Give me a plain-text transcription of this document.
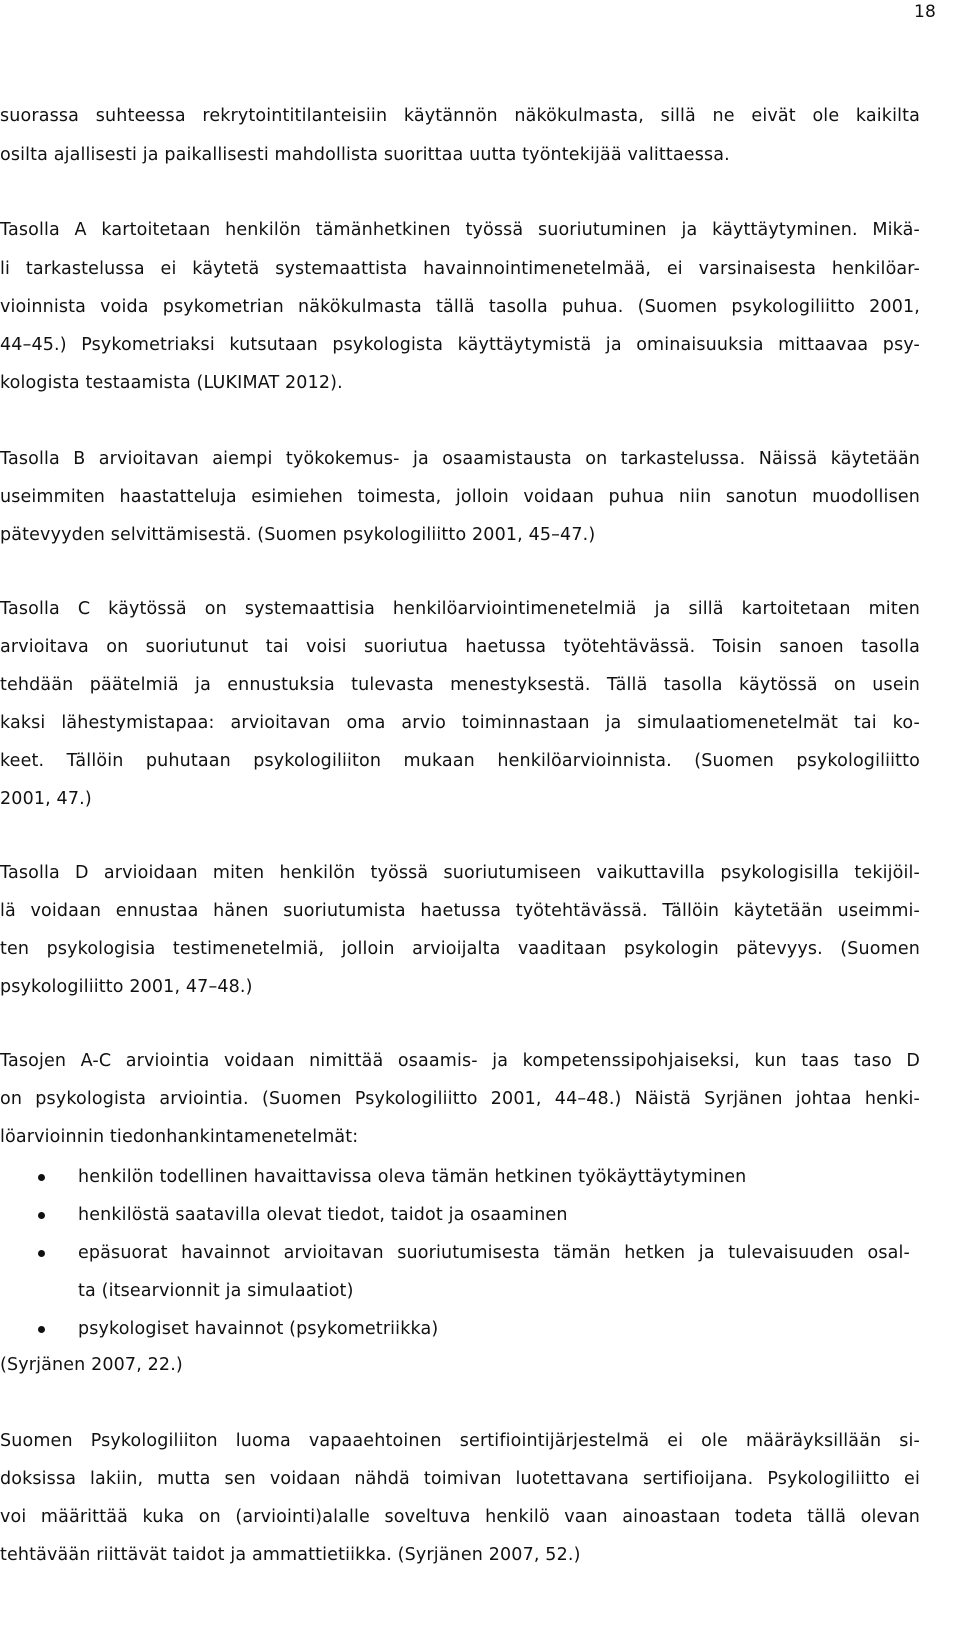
18
suorassa suhteessa rekrytointitilanteisiin käytännön näkökulmasta, sillä ne eivät ole kaikilta
osilta ajallisesti ja paikallisesti mahdollista suorittaa uutta työntekijää valittaessa.
Tasolla A kartoitetaan henkilön tämänhetkinen työssä suoriutuminen ja käyttäytyminen. Mikä-
li tarkastelussa ei käytetä systemaattista havainnointimenetelmää, ei varsinaisesta henkilöar-
vioinnista voida psykometrian näkökulmasta tällä tasolla puhua. (Suomen psykologiliitto 2001,
44–45.) Psykometriaksi kutsutaan psykologista käyttäytymistä ja ominaisuuksia mittaavaa psy-
kologista testaamista (LUKIMAT 2012).
Tasolla B arvioitavan aiempi työkokemus- ja osaamistausta on tarkastelussa. Näissä käytetään
useimmiten haastatteluja esimiehen toimesta, jolloin voidaan puhua niin sanotun muodollisen
pätevyyden selvittämisestä. (Suomen psykologiliitto 2001, 45–47.)
Tasolla C käytössä on systemaattisia henkilöarviointimenetelmiä ja sillä kartoitetaan miten
arvioitava on suoriutunut tai voisi suoriutua haetussa työtehtävässä. Toisin sanoen tasolla
tehdään päätelmiä ja ennustuksia tulevasta menestyksestä. Tällä tasolla käytössä on usein
kaksi lähestymistapaa: arvioitavan oma arvio toiminnastaan ja simulaatiomenetelmät tai ko-
keet. Tällöin puhutaan psykologiliiton mukaan henkilöarvioinnista. (Suomen psykologiliitto
2001, 47.)
Tasolla D arvioidaan miten henkilön työssä suoriutumiseen vaikuttavilla psykologisilla tekijöil-
lä voidaan ennustaa hänen suoriutumista haetussa työtehtävässä. Tällöin käytetään useimmi-
ten psykologisia testimenetelmiä, jolloin arvioijalta vaaditaan psykologin pätevyys. (Suomen
psykologiliitto 2001, 47–48.)
Tasojen A-C arviointia voidaan nimittää osaamis- ja kompetenssipohjaiseksi, kun taas taso D
on psykologista arviointia. (Suomen Psykologiliitto 2001, 44–48.) Näistä Syrjänen johtaa henki-
löarvioinnin tiedonhankintamenetelmät:
henkilön todellinen havaittavissa oleva tämän hetkinen työkäyttäytyminen
henkilöstä saatavilla olevat tiedot, taidot ja osaaminen
epäsuorat havainnot arvioitavan suoriutumisesta tämän hetken ja tulevaisuuden osal-
ta (itsearvionnit ja simulaatiot)
psykologiset havainnot (psykometriikka)
(Syrjänen 2007, 22.)
Suomen Psykologiliiton luoma vapaaehtoinen sertifiointijärjestelmä ei ole määräyksillään si-
doksissa lakiin, mutta sen voidaan nähdä toimivan luotettavana sertifioijana. Psykologiliitto ei
voi määrittää kuka on (arviointi)alalle soveltuva henkilö vaan ainoastaan todeta tällä olevan
tehtävään riittävät taidot ja ammattietiikka. (Syrjänen 2007, 52.)
